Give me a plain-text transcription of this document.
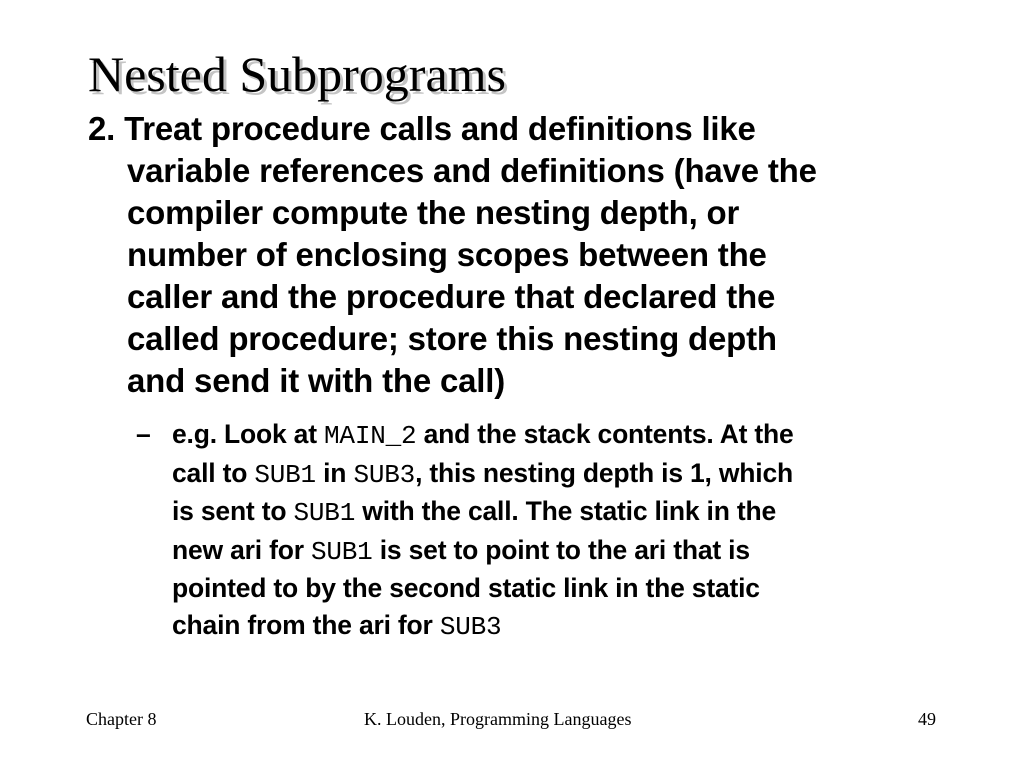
Nested Subprograms
2. Treat procedure calls and definitions like
variable references and definitions (have the
compiler compute the nesting depth, or
number of enclosing scopes between the
caller and the procedure that declared the
called procedure; store this nesting depth
and send it with the call)
– e.g. Look at MAIN_2 and the stack contents. At the
call to SUB1 in SUB3, this nesting depth is 1, which
is sent to SUB1 with the call. The static link in the
new ari for SUB1 is set to point to the ari that is
pointed to by the second static link in the static
chain from the ari for SUB3
Chapter 8	K. Louden, Programming Languages	49
